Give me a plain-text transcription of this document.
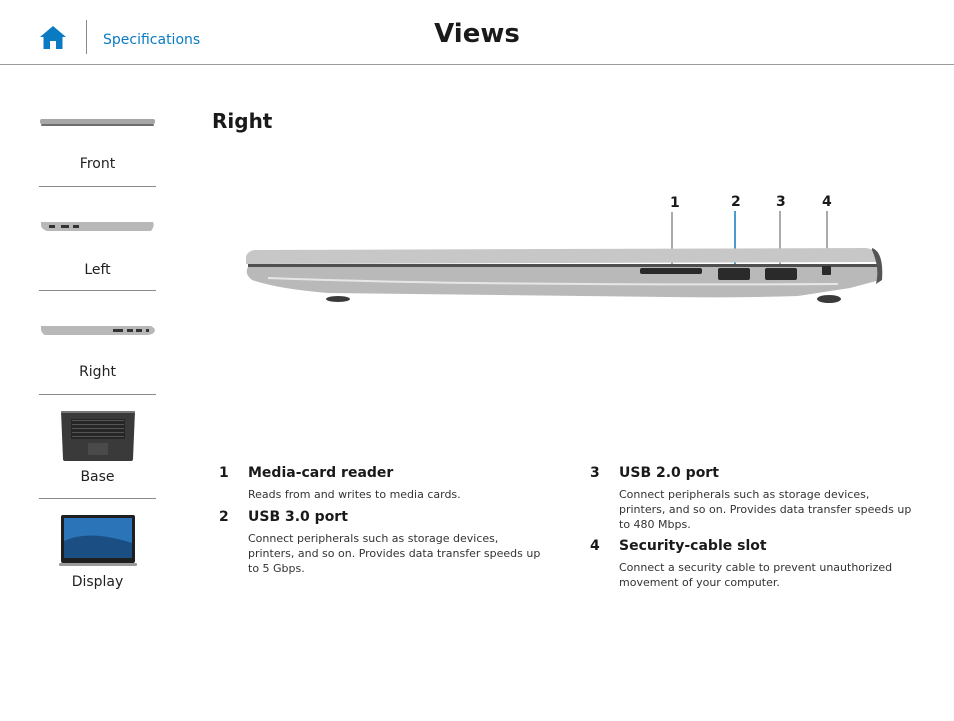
Specifications	Views
Front
Left
Right
Base
Display
Right
1	2	3	4
1 Media-card reader
Reads from and writes to media cards.
2 USB 3.0 port
Connect peripherals such as storage devices, printers, and so on. Provides data transfer speeds up to 5 Gbps.
3 USB 2.0 port
Connect peripherals such as storage devices, printers, and so on. Provides data transfer speeds up to 480 Mbps.
4 Security-cable slot
Connect a security cable to prevent unauthorized movement of your computer.
